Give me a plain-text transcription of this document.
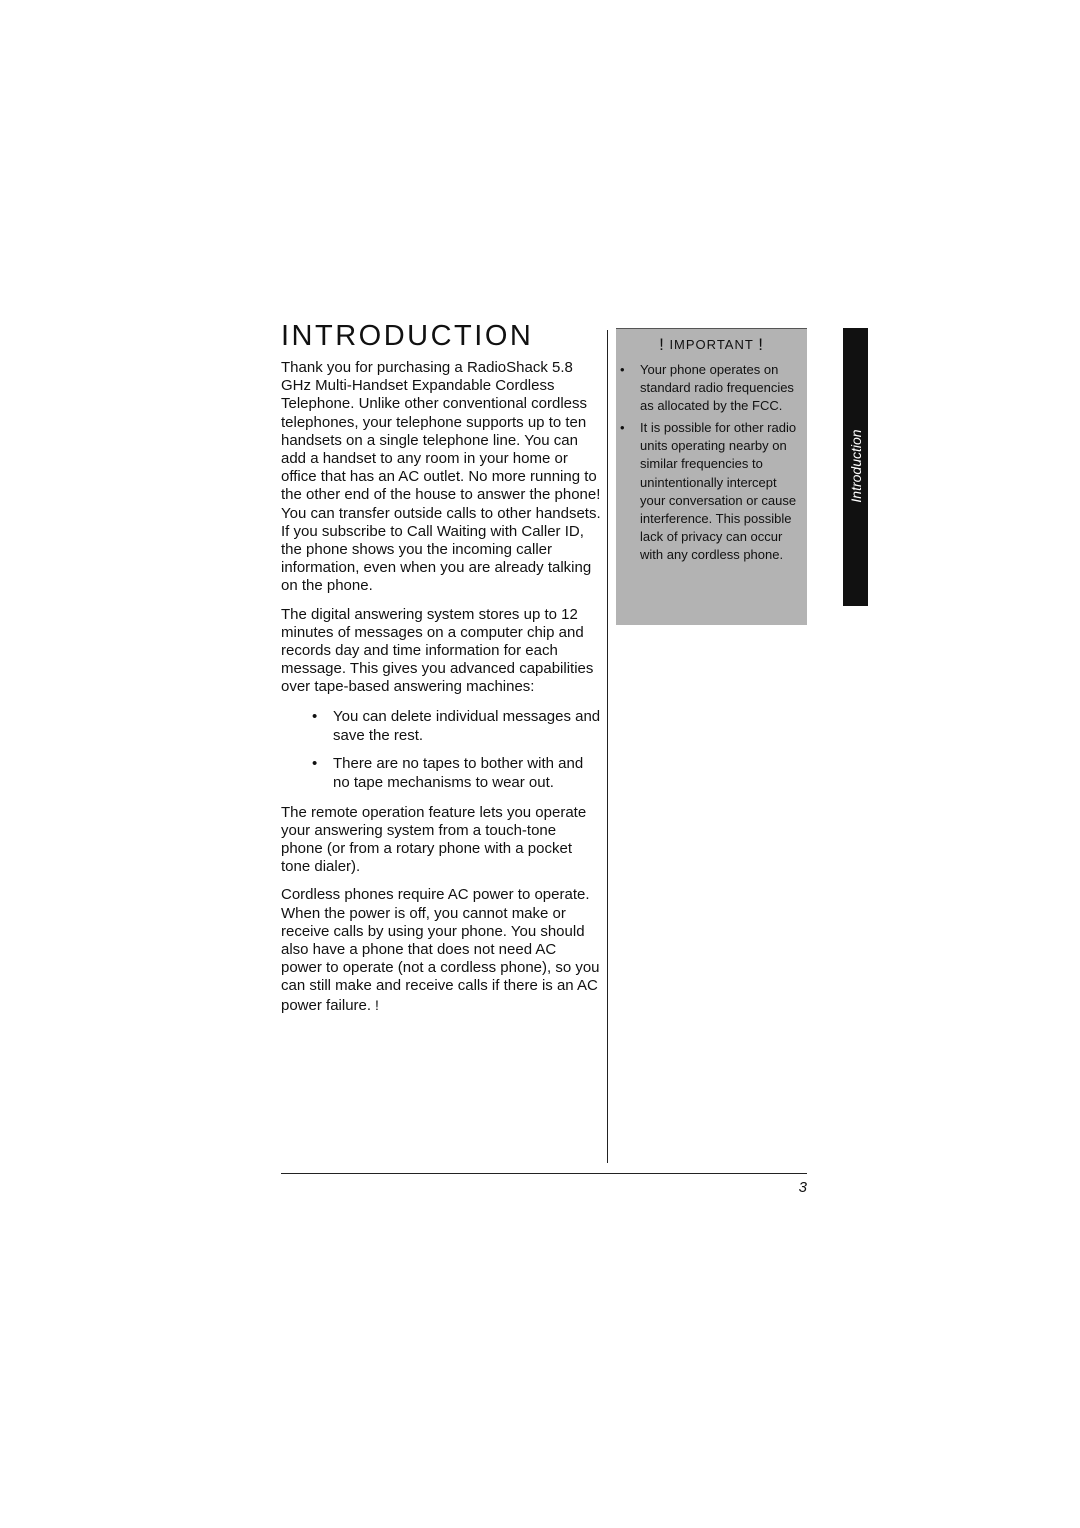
INTRODUCTION

Thank you for purchasing a RadioShack 5.8 GHz Multi-Handset Expandable Cordless Telephone. Unlike other conventional cordless telephones, your telephone supports up to ten handsets on a single telephone line. You can add a handset to any room in your home or office that has an AC outlet. No more running to the other end of the house to answer the phone! You can transfer outside calls to other handsets. If you subscribe to Call Waiting with Caller ID, the phone shows you the incoming caller information, even when you are already talking on the phone.

The digital answering system stores up to 12 minutes of messages on a computer chip and records day and time information for each message. This gives you advanced capabilities over tape-based answering machines:

• You can delete individual messages and save the rest.
• There are no tapes to bother with and no tape mechanisms to wear out.

The remote operation feature lets you operate your answering system from a touch-tone phone (or from a rotary phone with a pocket tone dialer).

Cordless phones require AC power to operate. When the power is off, you cannot make or receive calls by using your phone. You should also have a phone that does not need AC power to operate (not a cordless phone), so you can still make and receive calls if there is an AC power failure. !

! IMPORTANT !
• Your phone operates on standard radio frequencies as allocated by the FCC.
• It is possible for other radio units operating nearby on similar frequencies to unintentionally intercept your conversation or cause interference. This possible lack of privacy can occur with any cordless phone.
Introduction
3
